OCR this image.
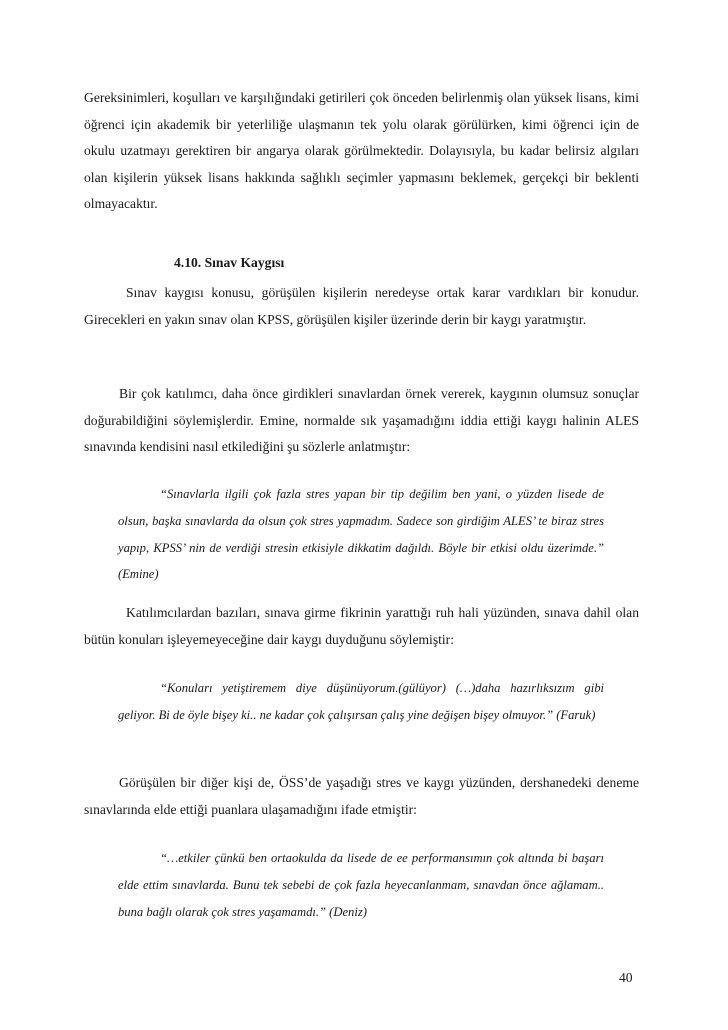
Gereksinimleri, koşulları ve karşılığındaki getirileri çok önceden belirlenmiş olan yüksek lisans, kimi öğrenci için akademik bir yeterliliğe ulaşmanın tek yolu olarak görülürken, kimi öğrenci için de okulu uzatmayı gerektiren bir angarya olarak görülmektedir. Dolayısıyla, bu kadar belirsiz algıları olan kişilerin yüksek lisans hakkında sağlıklı seçimler yapmasını beklemek, gerçekçi bir beklenti olmayacaktır.

4.10. Sınav Kaygısı

Sınav kaygısı konusu, görüşülen kişilerin neredeyse ortak karar vardıkları bir konudur. Girecekleri en yakın sınav olan KPSS, görüşülen kişiler üzerinde derin bir kaygı yaratmıştır.

Bir çok katılımcı, daha önce girdikleri sınavlardan örnek vererek, kaygının olumsuz sonuçlar doğurabildiğini söylemişlerdir. Emine, normalde sık yaşamadığını iddia ettiği kaygı halinin ALES sınavında kendisini nasıl etkilediğini şu sözlerle anlatmıştır:

“Sınavlarla ilgili çok fazla stres yapan bir tip değilim ben yani, o yüzden lisede de olsun, başka sınavlarda da olsun çok stres yapmadım. Sadece son girdiğim ALES’ te biraz stres yapıp, KPSS’ nin de verdiği stresin etkisiyle dikkatim dağıldı. Böyle bir etkisi oldu üzerimde.” (Emine)

Katılımcılardan bazıları, sınava girme fikrinin yarattığı ruh hali yüzünden, sınava dahil olan bütün konuları işleyemeyeceğine dair kaygı duyduğunu söylemiştir:

“Konuları yetiştiremem diye düşünüyorum.(gülüyor) (…)daha hazırlıksızım gibi geliyor. Bi de öyle bişey ki.. ne kadar çok çalışırsan çalış yine değişen bişey olmuyor.” (Faruk)

Görüşülen bir diğer kişi de, ÖSS’de yaşadığı stres ve kaygı yüzünden, dershanedeki deneme sınavlarında elde ettiği puanlara ulaşamadığını ifade etmiştir:

“…etkiler çünkü ben ortaokulda da lisede de ee performansımın çok altında bi başarı elde ettim sınavlarda. Bunu tek sebebi de çok fazla heyecanlanmam, sınavdan önce ağlamam.. buna bağlı olarak çok stres yaşamamdı.” (Deniz)

40
